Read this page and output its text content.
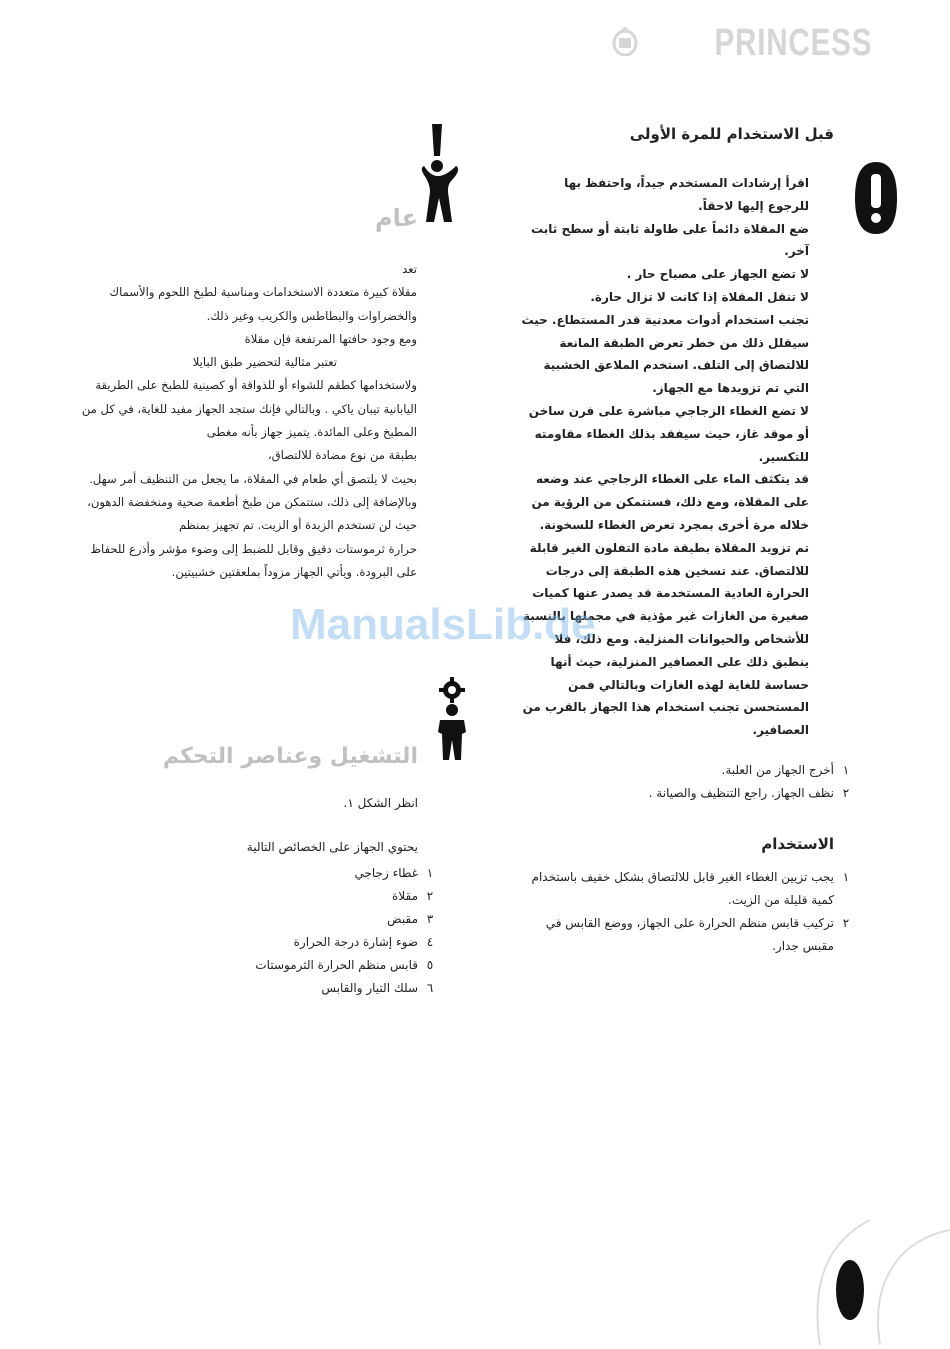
PRINCESS
قبل الاستخدام للمرة الأولى

اقرأ إرشادات المستخدم جيداً، واحتفظ بها للرجوع إليها لاحقاً.

ضع المقلاة دائماً على طاولة ثابتة أو سطح ثابت آخر.

لا تضع الجهاز على مصباح حار .

لا تنقل المقلاة إذا كانت لا تزال حارة.

تجنب استخدام أدوات معدنية قدر المستطاع. حيث سيقلل ذلك من خطر تعرض الطبقة المانعة للالتصاق إلى التلف. استخدم الملاعق الخشبية التي تم تزويدها مع الجهاز.

لا تضع الغطاء الزجاجي مباشرة على فرن ساخن أو موقد غاز، حيث سيفقد بذلك الغطاء مقاومته للتكسير.

قد يتكثف الماء على الغطاء الزجاجي عند وضعه على المقلاة، ومع ذلك، فستتمكن من الرؤية من خلاله مرة أخرى بمجرد تعرض الغطاء للسخونة.

تم تزويد المقلاة بطبقة مادة التفلون الغير قابلة للالتصاق. عند تسخين هذه الطبقة إلى درجات الحرارة العادية المستخدمة قد يصدر عنها كميات صغيرة من الغازات غير مؤذية في مجملها بالنسبة للأشخاص والحيوانات المنزلية. ومع ذلك، فلا ينطبق ذلك على العصافير المنزلية، حيث أنها حساسة للغاية لهذه الغازات وبالتالي فمن المستحسن تجنب استخدام هذا الجهاز بالقرب من العصافير.

١
أخرج الجهاز من العلبة.
٢
نظف الجهاز. راجع التنظيف والصيانة .
الاستخدام
١
يجب تزيين الغطاء الغير قابل للالتصاق بشكل خفيف باستخدام كمية قليلة من الزيت.
٢
تركيب قابس منظم الحرارة على الجهاز، ووضع القابس في مقبس جدار.
عام

تعد

مقلاة كبيرة متعددة الاستخدامات ومناسبة لطبخ اللحوم والأسماك والخضراوات والبطاطس والكريب وغير ذلك.

ومع وجود حافتها المرتفعة فإن مقلاة

تعتبر مثالية لتحضير طبق البايلا

ولاستخدامها كطقم للشواء أو للذواقة أو كصينية للطبخ على الطريقة اليابانية تيبان ياكي . وبالتالي فإنك ستجد الجهاز مفيد للغاية، في كل من المطبخ وعلى المائدة. يتميز جهاز بأنه مغطى

بطبقة من نوع مضادة للالتصاق،

بحيث لا يلتصق أي طعام في المقلاة، ما يجعل من التنظيف أمر سهل. وبالإضافة إلى ذلك، ستتمكن من طبخ أطعمة صحية ومنخفضة الدهون، حيث لن تستخدم الزبدة أو الزيت. تم تجهيز بمنظم

حرارة ثرموستات دقيق وقابل للضبط إلى وضوء مؤشر وأذرع للحفاظ على البرودة. ويأتي الجهاز مزوداً بملعقتين خشبيتين.

التشغيل وعناصر التحكم
انظر الشكل ١.
يحتوي الجهاز على الخصائص التالية
١
غطاء زجاجي
٢
مقلاة
٣
مقبض
٤
ضوء إشارة درجة الحرارة
٥
قابس منظم الحرارة الثرموستات
٦
سلك التيار والقابس
ManualsLib.de
